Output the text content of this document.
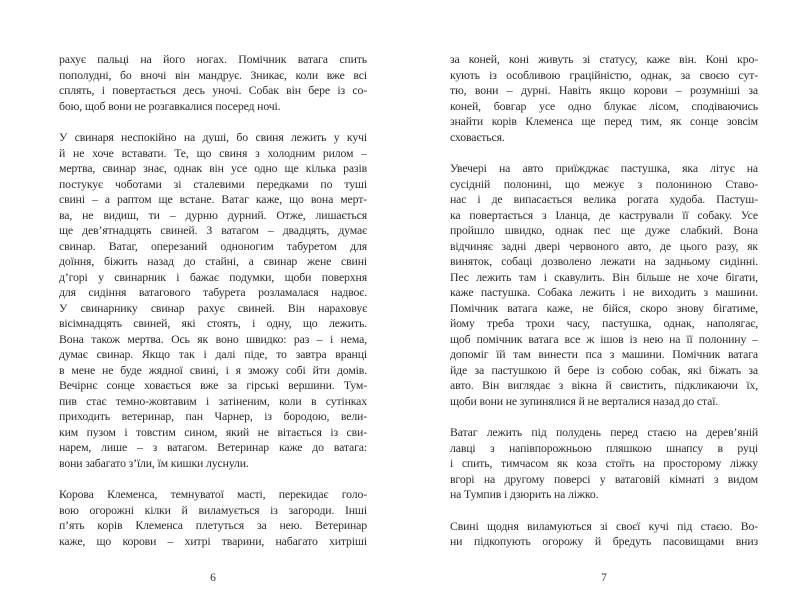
рахує пальці на його ногах. Помічник ватага спить
пополудні, бо вночі він мандрує. Зникає, коли вже всі
сплять, і повертається десь уночі. Собак він бере із со-
бою, щоб вони не розгавкалися посеред ночі.
У свинаря неспокійно на душі, бо свиня лежить у кучі
й не хоче вставати. Те, що свиня з холодним рилом –
мертва, свинар знає, однак він усе одно ще кілька разів
постукує чоботами зі сталевими передками по туші
свині – а раптом ще встане. Ватаг каже, що вона мерт-
ва, не видиш, ти – дурню дурний. Отже, лишається
ще дев’ятнадцять свиней. З ватагом – двадцять, думає
свинар. Ватаг, оперезаний одноногим табуретом для
доїння, біжить назад до стайні, а свинар жене свині
д’горі у свинарник і бажає подумки, щоби поверхня
для сидіння ватагового табурета розламалася надвоє.
У свинарнику свинар рахує свиней. Він нараховує
вісімнадцять свиней, які стоять, і одну, що лежить.
Вона також мертва. Ось як воно швидко: раз – і нема,
думає свинар. Якщо так і далі піде, то завтра вранці
в мене не буде жядної свині, і я зможу собі йти домів.
Вечірнє сонце ховається вже за гірські вершини. Тум-
пив стає темно-жовтавим і затіненим, коли в сутінках
приходить ветеринар, пан Чарнер, із бородою, вели-
ким пузом і товстим сином, який не вітається із сви-
нарем, лише – з ватагом. Ветеринар каже до ватага:
вони забагато з’їли, їм кишки луснули.
Корова Клеменса, темнуватої масті, перекидає голо-
вою огорожні кілки й виламується із загороди. Інші
п’ять корів Клеменса плетуться за нею. Ветеринар
каже, що корови – хитрі тварини, набагато хитріші
6
за коней, коні живуть зі статусу, каже він. Коні кро-
кують із особливою граційністю, однак, за своєю сут-
тю, вони – дурні. Навіть якщо корови – розумніші за
коней, бовгар усе одно блукає лісом, сподіваючись
знайти корів Клеменса ще перед тим, як сонце зовсім
сховається.
Увечері на авто приїжджає пастушка, яка літує на
сусідній полонині, що межує з полониною Ставо-
нас і де випасається велика рогата худоба. Пастуш-
ка повертається з Іланца, де кастрували її собаку. Усе
пройшло швидко, однак пес ще дуже слабкий. Вона
відчиняє задні двері червоного авто, де цього разу, як
виняток, собаці дозволено лежати на задньому сидінні.
Пес лежить там і скавулить. Він більше не хоче бігати,
каже пастушка. Собака лежить і не виходить з машини.
Помічник ватага каже, не бійся, скоро знову бігатиме,
йому треба трохи часу, пастушка, однак, наполягає,
щоб помічник ватага все ж ішов із нею на її полонину –
допоміг їй там винести пса з машини. Помічник ватага
йде за пастушкою й бере із собою собак, які біжать за
авто. Він виглядає з вікна й свистить, підкликаючи їх,
щоби вони не зупинялися й не верталися назад до стаї.
Ватаг лежить під полудень перед стаєю на дерев’яній
лавці з напівпорожньою пляшкою шнапсу в руці
і спить, тимчасом як коза стоїть на просторому ліжку
вгорі на другому поверсі у ватаговій кімнаті з видом
на Тумпив і дзюрить на ліжко.
Свині щодня виламуються зі своєї кучі під стаєю. Во-
ни підкопують огорожу й бредуть пасовищами вниз
7
